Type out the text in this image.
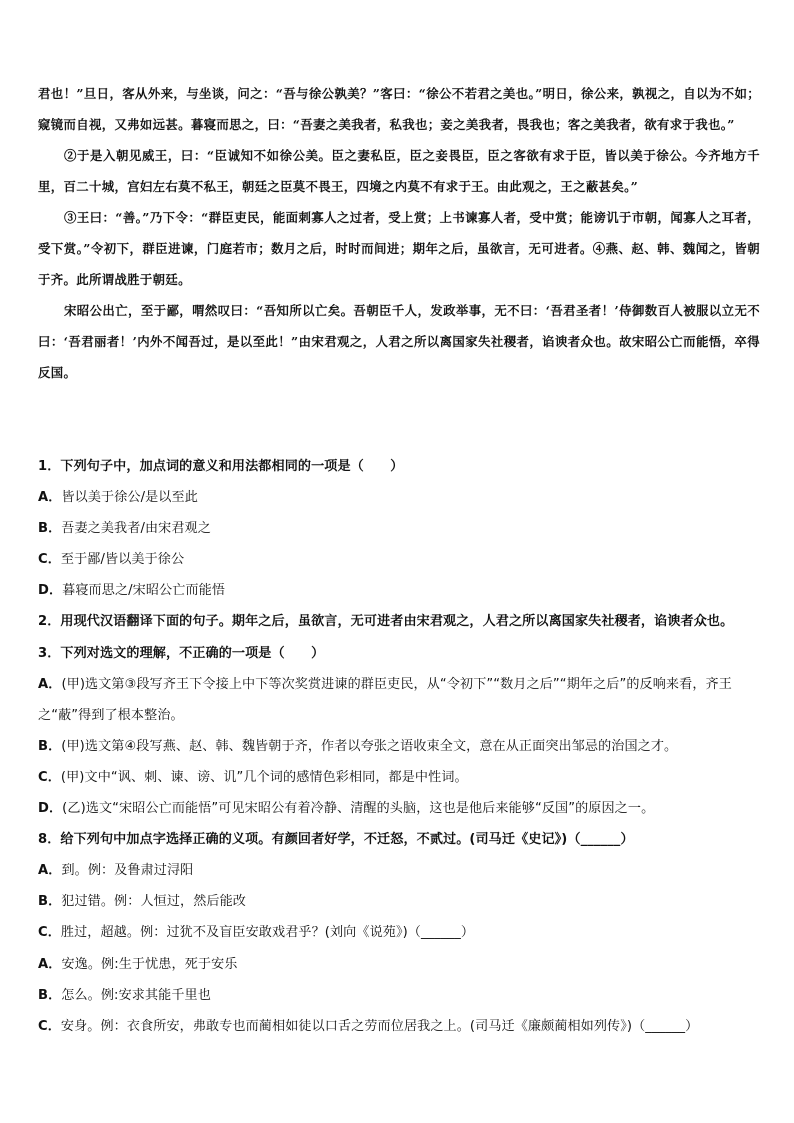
君也！”旦日，客从外来，与坐谈，问之：“吾与徐公孰美？”客曰：“徐公不若君之美也。”明日，徐公来，孰视之，自以为不如；窥镜而自视，又弗如远甚。暮寝而思之，曰：“吾妻之美我者，私我也；妾之美我者，畏我也；客之美我者，欲有求于我也。”

②于是入朝见威王，曰：“臣诚知不如徐公美。臣之妻私臣，臣之妾畏臣，臣之客欲有求于臣，皆以美于徐公。今齐地方千里，百二十城，宫妇左右莫不私王，朝廷之臣莫不畏王，四境之内莫不有求于王。由此观之，王之蔽甚矣。”

③王曰：“善。”乃下令：“群臣吏民，能面刺寡人之过者，受上赏；上书谏寡人者，受中赏；能谤讥于市朝，闻寡人之耳者，受下赏。”令初下，群臣进谏，门庭若市；数月之后，时时而间进；期年之后，虽欲言，无可进者。④燕、赵、韩、魏闻之，皆朝于齐。此所谓战胜于朝廷。

宋昭公出亡，至于鄙，喟然叹曰：“吾知所以亡矣。吾朝臣千人，发政举事，无不曰：‘吾君圣者！’侍御数百人被服以立无不曰：‘吾君丽者！’内外不闻吾过，是以至此！”由宋君观之，人君之所以离国家失社稷者，谄谀者众也。故宋昭公亡而能悟，卒得反国。

1．下列句子中，加点词的意义和用法都相同的一项是（　　）

A．皆以美于徐公/是以至此

B．吾妻之美我者/由宋君观之

C．至于鄙/皆以美于徐公

D．暮寝而思之/宋昭公亡而能悟

2．用现代汉语翻译下面的句子。期年之后，虽欲言，无可进者由宋君观之，人君之所以离国家失社稷者，谄谀者众也。

3．下列对选文的理解，不正确的一项是（　　）

A．(甲)选文第③段写齐王下令接上中下等次奖赏进谏的群臣吏民，从“令初下”“数月之后”“期年之后”的反响来看，齐王之“蔽”得到了根本整治。

B．(甲)选文第④段写燕、赵、韩、魏皆朝于齐，作者以夸张之语收束全文，意在从正面突出邹忌的治国之才。

C．(甲)文中“讽、刺、谏、谤、讥”几个词的感情色彩相同，都是中性词。

D．(乙)选文“宋昭公亡而能悟”可见宋昭公有着冷静、清醒的头脑，这也是他后来能够“反国”的原因之一。

8．给下列句中加点字选择正确的义项。有颜回者好学，不迁怒，不贰过。(司马迁《史记》)（______）

A．到。例：及鲁肃过浔阳

B．犯过错。例：人恒过，然后能改

C．胜过，超越。例：过犹不及盲臣安敢戏君乎？(刘向《说苑》)（______）

A．安逸。例:生于忧患，死于安乐

B．怎么。例:安求其能千里也

C．安身。例：衣食所安，弗敢专也而蔺相如徒以口舌之劳而位居我之上。(司马迁《廉颇蔺相如列传》)（______）
